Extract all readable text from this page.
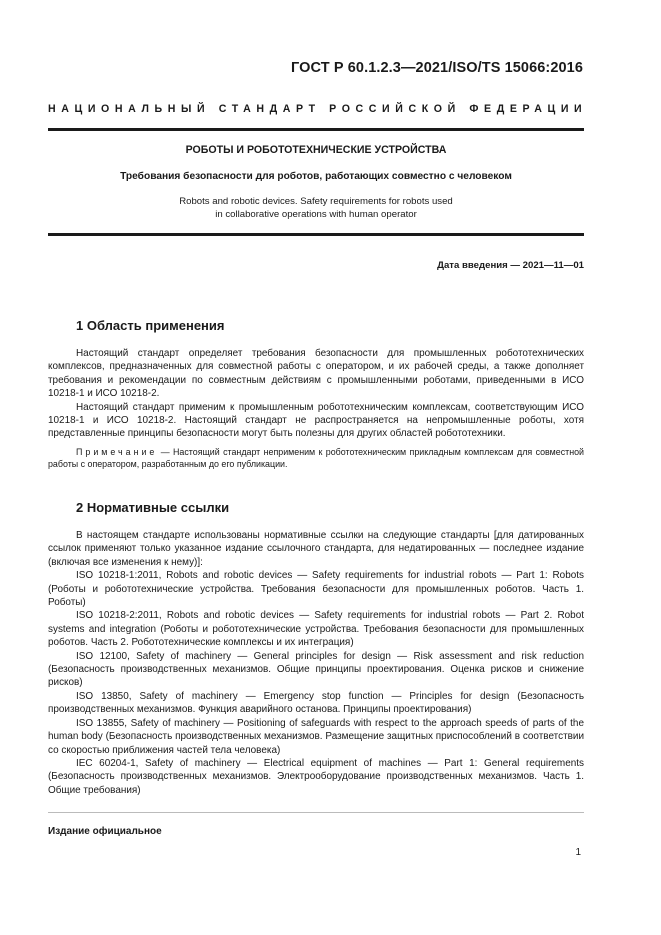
ГОСТ Р 60.1.2.3—2021/ISO/TS 15066:2016
НАЦИОНАЛЬНЫЙ СТАНДАРТ РОССИЙСКОЙ ФЕДЕРАЦИИ
РОБОТЫ И РОБОТОТЕХНИЧЕСКИЕ УСТРОЙСТВА
Требования безопасности для роботов, работающих совместно с человеком
Robots and robotic devices. Safety requirements for robots used
in collaborative operations with human operator
Дата введения — 2021—11—01
1 Область применения

Настоящий стандарт определяет требования безопасности для промышленных робототехнических комплексов, предназначенных для совместной работы с оператором, и их рабочей среды, а также дополняет требования и рекомендации по совместным действиям с промышленными роботами, приведенными в ИСО 10218-1 и ИСО 10218-2.

Настоящий стандарт применим к промышленным робототехническим комплексам, соответствующим ИСО 10218-1 и ИСО 10218-2. Настоящий стандарт не распространяется на непромышленные роботы, хотя представленные принципы безопасности могут быть полезны для других областей робототехники.

Примечание — Настоящий стандарт неприменим к робототехническим прикладным комплексам для совместной работы с оператором, разработанным до его публикации.

2 Нормативные ссылки

В настоящем стандарте использованы нормативные ссылки на следующие стандарты [для датированных ссылок применяют только указанное издание ссылочного стандарта, для недатированных — последнее издание (включая все изменения к нему)]:

ISO 10218-1:2011, Robots and robotic devices — Safety requirements for industrial robots — Part 1: Robots (Роботы и робототехнические устройства. Требования безопасности для промышленных роботов. Часть 1. Роботы)
ISO 10218-2:2011, Robots and robotic devices — Safety requirements for industrial robots — Part 2. Robot systems and integration (Роботы и робототехнические устройства. Требования безопасности для промышленных роботов. Часть 2. Робототехнические комплексы и их интеграция)
ISO 12100, Safety of machinery — General principles for design — Risk assessment and risk reduction (Безопасность производственных механизмов. Общие принципы проектирования. Оценка рисков и снижение рисков)
ISO 13850, Safety of machinery — Emergency stop function — Principles for design (Безопасность производственных механизмов. Функция аварийного останова. Принципы проектирования)
ISO 13855, Safety of machinery — Positioning of safeguards with respect to the approach speeds of parts of the human body (Безопасность производственных механизмов. Размещение защитных приспособлений в соответствии со скоростью приближения частей тела человека)
IEC 60204-1, Safety of machinery — Electrical equipment of machines — Part 1: General requirements (Безопасность производственных механизмов. Электрооборудование производственных механизмов. Часть 1. Общие требования)
Издание официальное
1
